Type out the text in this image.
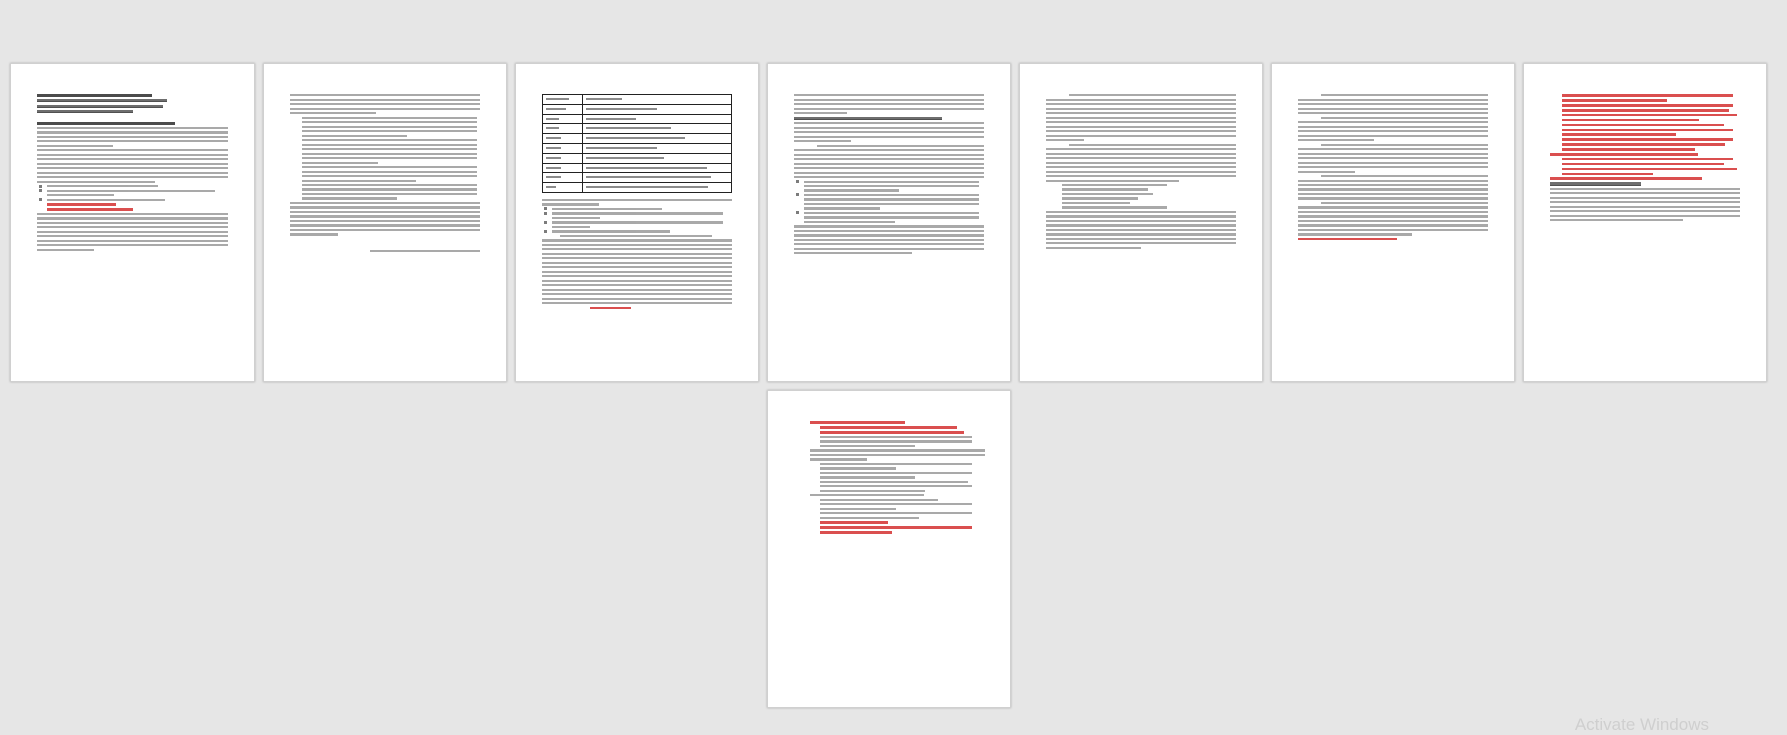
Activate Windows
